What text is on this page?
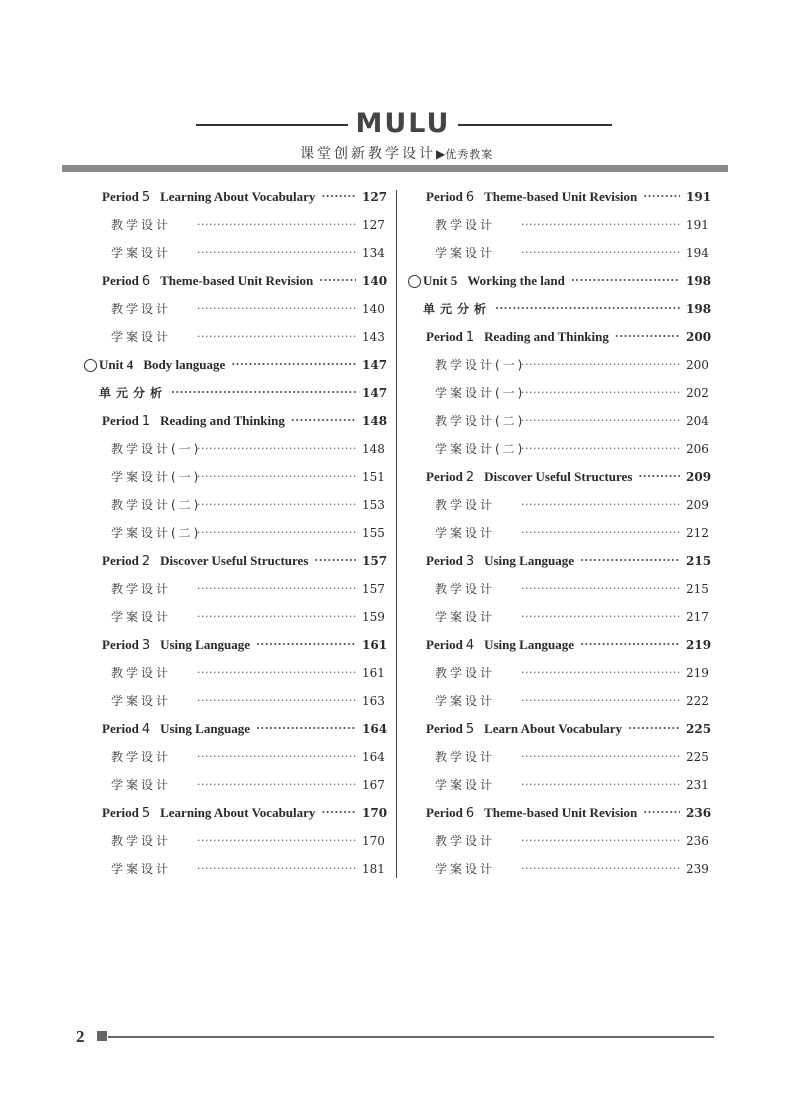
MULU
课堂创新教学设计▶优秀教案
Period 5 Learning About Vocabulary ·····	127
教学设计 ·····	127
学案设计 ·····	134
Period 6 Theme-based Unit Revision ·····	140
教学设计 ·····	140
学案设计 ·····	143
Unit 4 Body language ·····	147
单元分析 ·····	147
Period 1 Reading and Thinking ·····	148
教学设计(一) ·····	148
学案设计(一) ·····	151
教学设计(二) ·····	153
学案设计(二) ·····	155
Period 2 Discover Useful Structures ·····	157
教学设计 ·····	157
学案设计 ·····	159
Period 3 Using Language ·····	161
教学设计 ·····	161
学案设计 ·····	163
Period 4 Using Language ·····	164
教学设计 ·····	164
学案设计 ·····	167
Period 5 Learning About Vocabulary ·····	170
教学设计 ·····	170
学案设计 ·····	181
Period 6 Theme-based Unit Revision ·····	191
教学设计 ·····	191
学案设计 ·····	194
Unit 5 Working the land ·····	198
单元分析 ·····	198
Period 1 Reading and Thinking ·····	200
教学设计(一) ·····	200
学案设计(一) ·····	202
教学设计(二) ·····	204
学案设计(二) ·····	206
Period 2 Discover Useful Structures ·····	209
教学设计 ·····	209
学案设计 ·····	212
Period 3 Using Language ·····	215
教学设计 ·····	215
学案设计 ·····	217
Period 4 Using Language ·····	219
教学设计 ·····	219
学案设计 ·····	222
Period 5 Learn About Vocabulary ·····	225
教学设计 ·····	225
学案设计 ·····	231
Period 6 Theme-based Unit Revision ·····	236
教学设计 ·····	236
学案设计 ·····	239
2
